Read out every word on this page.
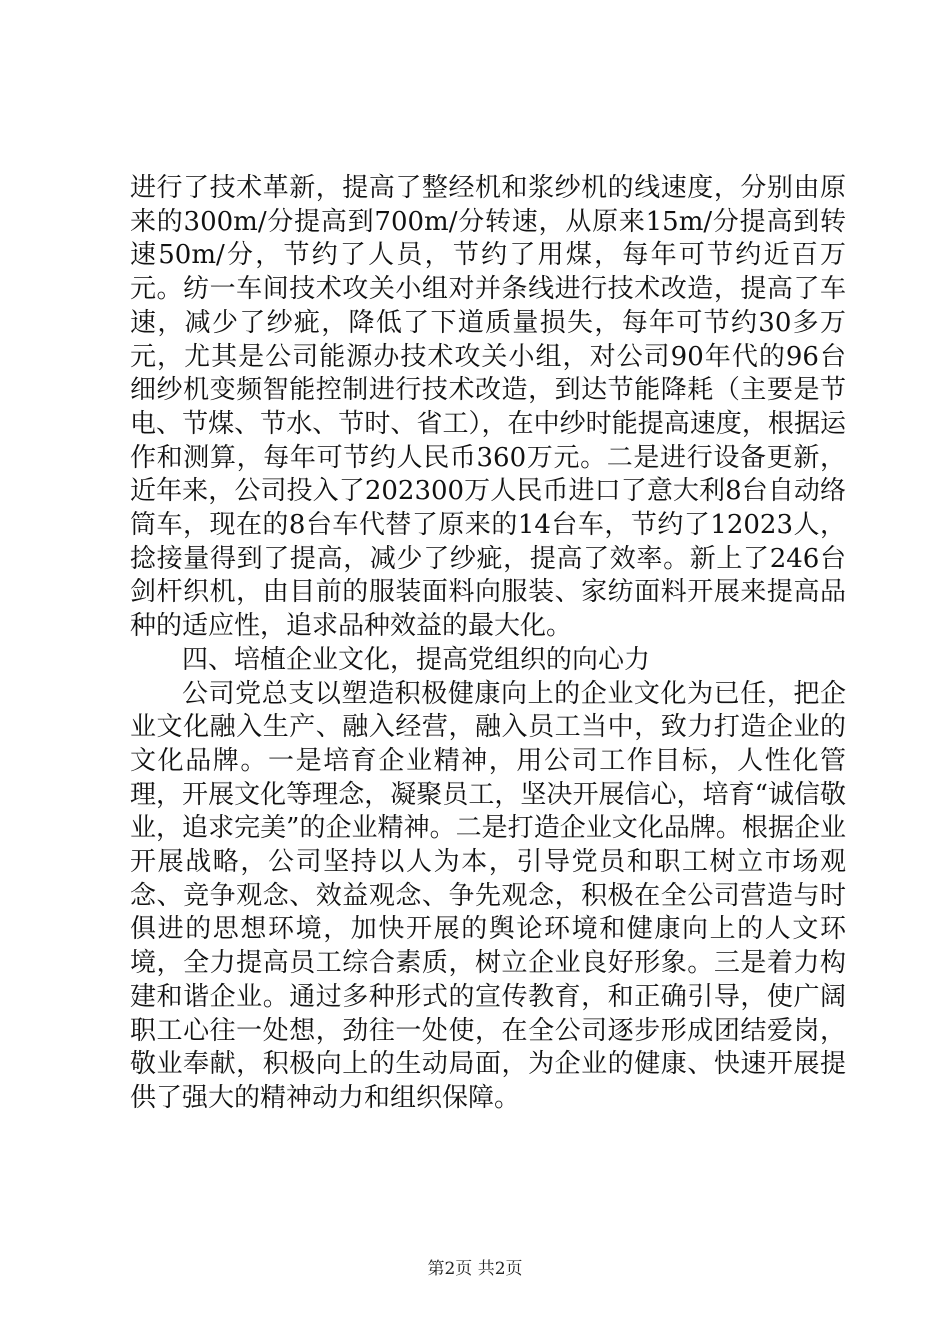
进行了技术革新，提高了整经机和浆纱机的线速度，分别由原来的300m/分提高到700m/分转速，从原来15m/分提高到转速50m/分，节约了人员，节约了用煤，每年可节约近百万元。纺一车间技术攻关小组对并条线进行技术改造，提高了车速，减少了纱疵，降低了下道质量损失，每年可节约30多万元，尤其是公司能源办技术攻关小组，对公司90年代的96台细纱机变频智能控制进行技术改造，到达节能降耗（主要是节电、节煤、节水、节时、省工），在中纱时能提高速度，根据运作和测算，每年可节约人民币360万元。二是进行设备更新，近年来，公司投入了202300万人民币进口了意大利8台自动络筒车，现在的8台车代替了原来的14台车，节约了12023人，捻接量得到了提高，减少了纱疵，提高了效率。新上了246台剑杆织机，由目前的服装面料向服装、家纺面料开展来提高品种的适应性，追求品种效益的最大化。

四、培植企业文化，提高党组织的向心力

公司党总支以塑造积极健康向上的企业文化为已任，把企业文化融入生产、融入经营，融入员工当中，致力打造企业的文化品牌。一是培育企业精神，用公司工作目标，人性化管理，开展文化等理念，凝聚员工，坚决开展信心，培育“诚信敬业，追求完美”的企业精神。二是打造企业文化品牌。根据企业开展战略，公司坚持以人为本，引导党员和职工树立市场观念、竞争观念、效益观念、争先观念，积极在全公司营造与时俱进的思想环境，加快开展的舆论环境和健康向上的人文环境，全力提高员工综合素质，树立企业良好形象。三是着力构建和谐企业。通过多种形式的宣传教育，和正确引导，使广阔职工心往一处想，劲往一处使，在全公司逐步形成团结爱岗，敬业奉献，积极向上的生动局面，为企业的健康、快速开展提供了强大的精神动力和组织保障。

第2页 共2页
